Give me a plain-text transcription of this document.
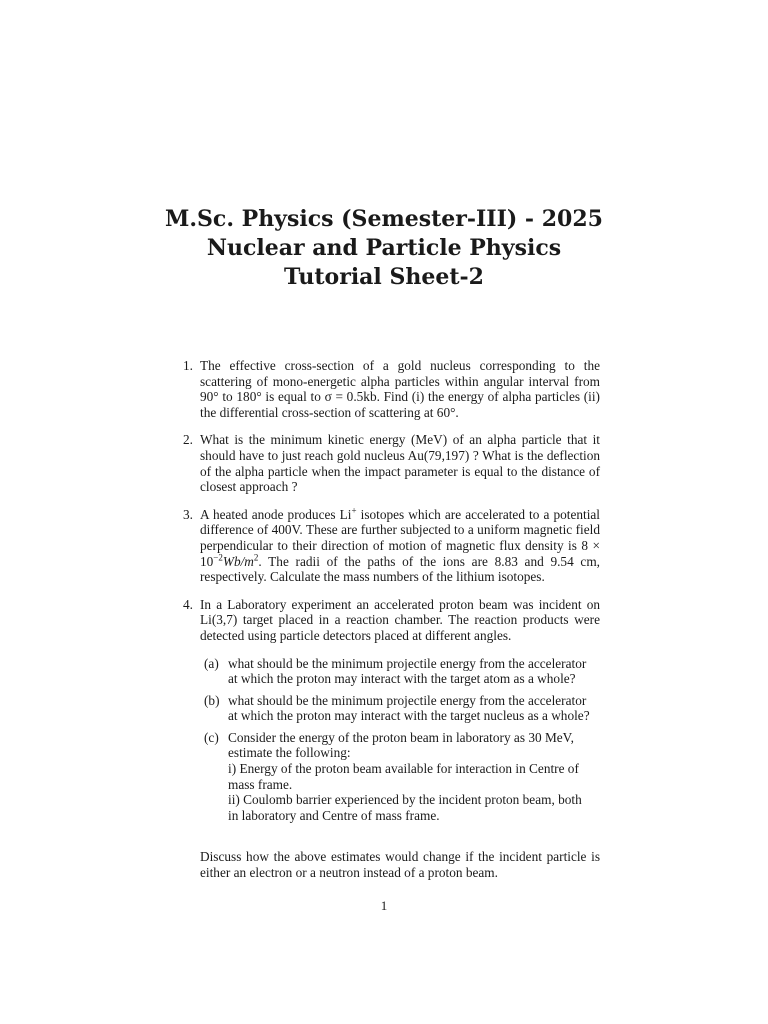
M.Sc. Physics (Semester-III) - 2025
Nuclear and Particle Physics
Tutorial Sheet-2
1. The effective cross-section of a gold nucleus corresponding to the scattering of mono-energetic alpha particles within angular interval from 90° to 180° is equal to σ = 0.5kb. Find (i) the energy of alpha particles (ii) the differential cross-section of scattering at 60°.
2. What is the minimum kinetic energy (MeV) of an alpha particle that it should have to just reach gold nucleus Au(79,197) ? What is the deflection of the alpha particle when the impact parameter is equal to the distance of closest approach ?
3. A heated anode produces Li+ isotopes which are accelerated to a potential difference of 400V. These are further subjected to a uniform magnetic field perpendicular to their direction of motion of magnetic flux density is $8 \times 10^{-2}Wb/m^2$. The radii of the paths of the ions are 8.83 and 9.54 cm, respectively. Calculate the mass numbers of the lithium isotopes.
4. In a Laboratory experiment an accelerated proton beam was incident on Li(3,7) target placed in a reaction chamber. The reaction products were detected using particle detectors placed at different angles.
(a) what should be the minimum projectile energy from the accelerator
at which the proton may interact with the target atom as a whole?
(b) what should be the minimum projectile energy from the accelerator
at which the proton may interact with the target nucleus as a whole?
(c) Consider the energy of the proton beam in laboratory as 30 MeV,
estimate the following:
i) Energy of the proton beam available for interaction in Centre of
mass frame.
ii) Coulomb barrier experienced by the incident proton beam, both
in laboratory and Centre of mass frame.
Discuss how the above estimates would change if the incident particle is either an electron or a neutron instead of a proton beam.
1
